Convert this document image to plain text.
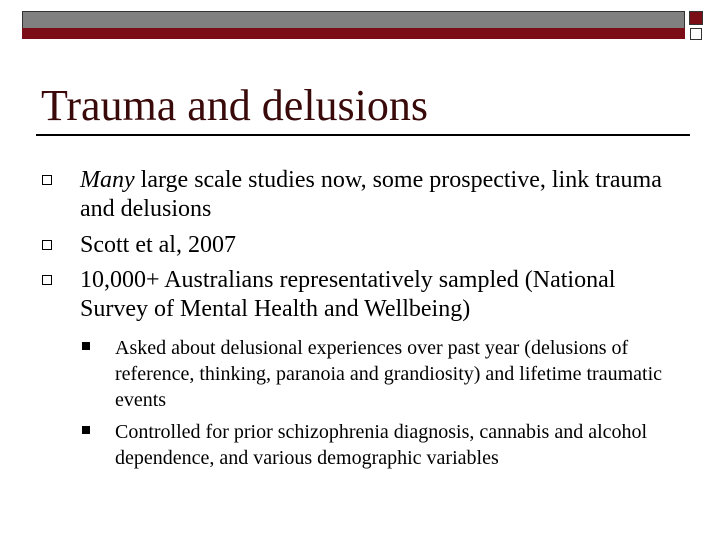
Trauma and delusions
Many large scale studies now, some prospective, link trauma and delusions
Scott et al, 2007
10,000+ Australians representatively sampled (National Survey of Mental Health and Wellbeing)
Asked about delusional experiences over past year (delusions of reference, thinking, paranoia and grandiosity) and lifetime traumatic events
Controlled for prior schizophrenia diagnosis, cannabis and alcohol dependence, and various demographic variables
